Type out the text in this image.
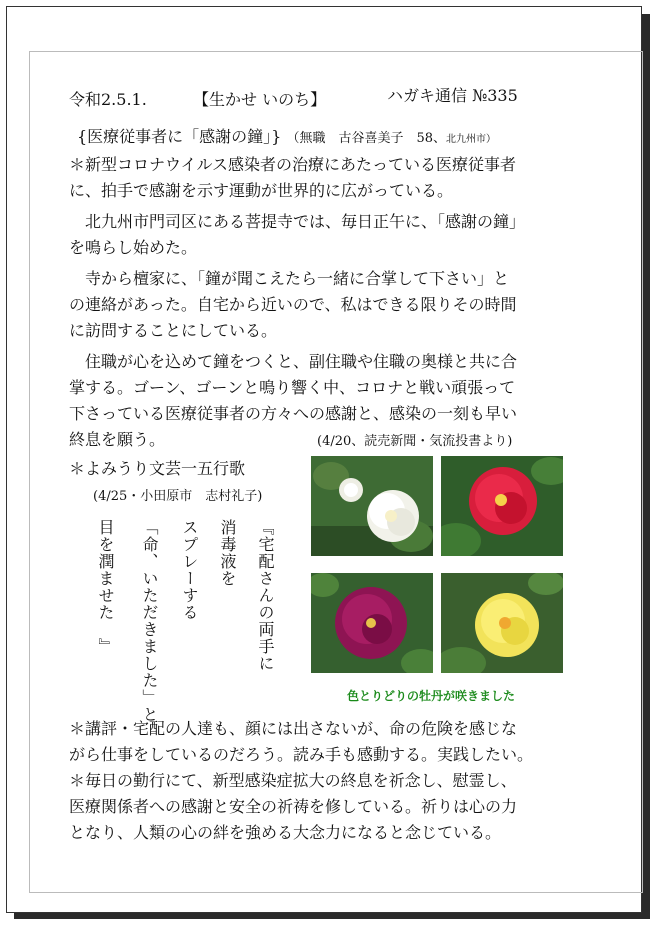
令和2.5.1.	【生かせ いのち】	ハガキ通信 №335
{医療従事者に「感謝の鐘」} （無職　古谷喜美子　58、北九州市）
＊新型コロナウイルス感染者の治療にあたっている医療従事者
に、拍手で感謝を示す運動が世界的に広がっている。
　北九州市門司区にある菩提寺では、毎日正午に、「感謝の鐘」
を鳴らし始めた。
　寺から檀家に、「鐘が聞こえたら一緒に合掌して下さい」と
の連絡があった。自宅から近いので、私はできる限りその時間
に訪問することにしている。
　住職が心を込めて鐘をつくと、副住職や住職の奥様と共に合
掌する。ゴーン、ゴーンと鳴り響く中、コロナと戦い頑張って
下さっている医療従事者の方々への感謝と、感染の一刻も早い
終息を願う。	(4/20、読売新聞・気流投書より)
＊よみうり文芸一五行歌
(4/25・小田原市　志村礼子)
『宅配さんの両手に
消毒液を
スプレーする
「命、いただきました」と
目を潤ませた　』
色とりどりの牡丹が咲きました
＊講評・宅配の人達も、顔には出さないが、命の危険を感じな
がら仕事をしているのだろう。読み手も感動する。実践したい。
＊毎日の勤行にて、新型感染症拡大の終息を祈念し、慰霊し、
医療関係者への感謝と安全の祈祷を修している。祈りは心の力
となり、人類の心の絆を強める大念力になると念じている。
